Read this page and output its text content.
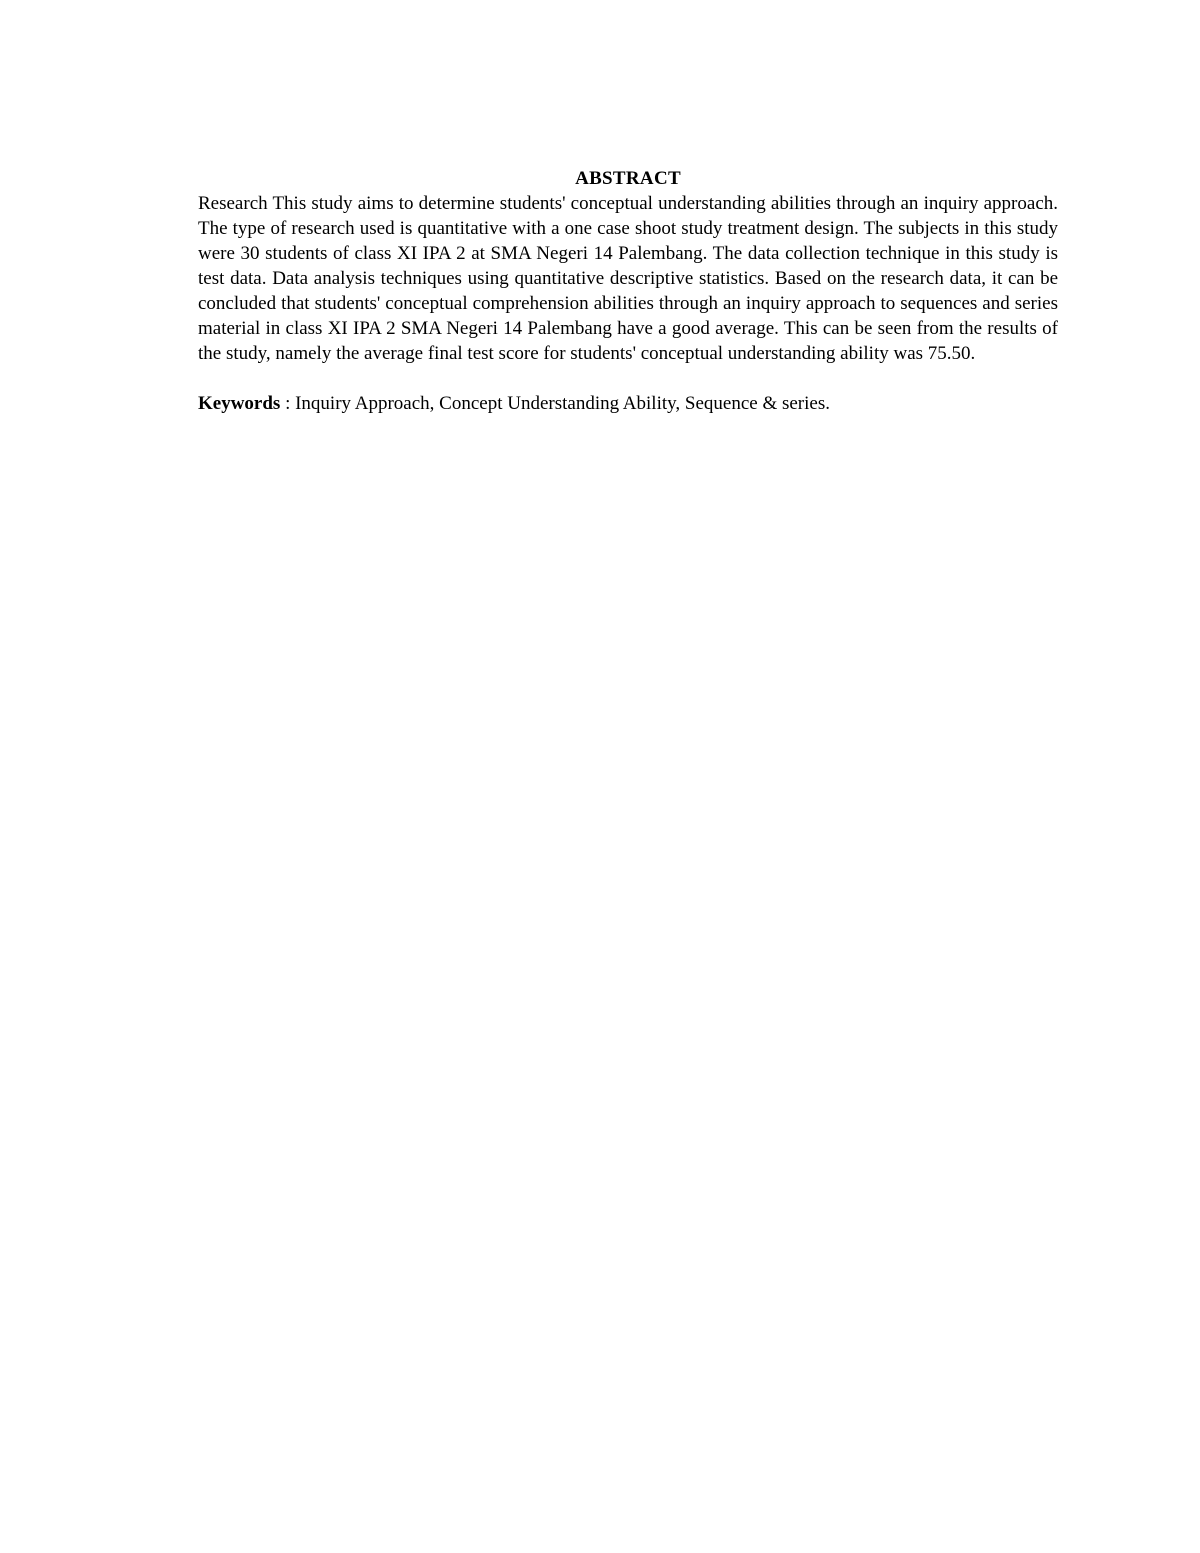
ABSTRACT

Research This study aims to determine students' conceptual understanding abilities through an inquiry approach. The type of research used is quantitative with a one case shoot study treatment design. The subjects in this study were 30 students of class XI IPA 2 at SMA Negeri 14 Palembang. The data collection technique in this study is test data. Data analysis techniques using quantitative descriptive statistics. Based on the research data, it can be concluded that students' conceptual comprehension abilities through an inquiry approach to sequences and series material in class XI IPA 2 SMA Negeri 14 Palembang have a good average. This can be seen from the results of the study, namely the average final test score for students' conceptual understanding ability was 75.50.

Keywords : Inquiry Approach, Concept Understanding Ability, Sequence & series.
